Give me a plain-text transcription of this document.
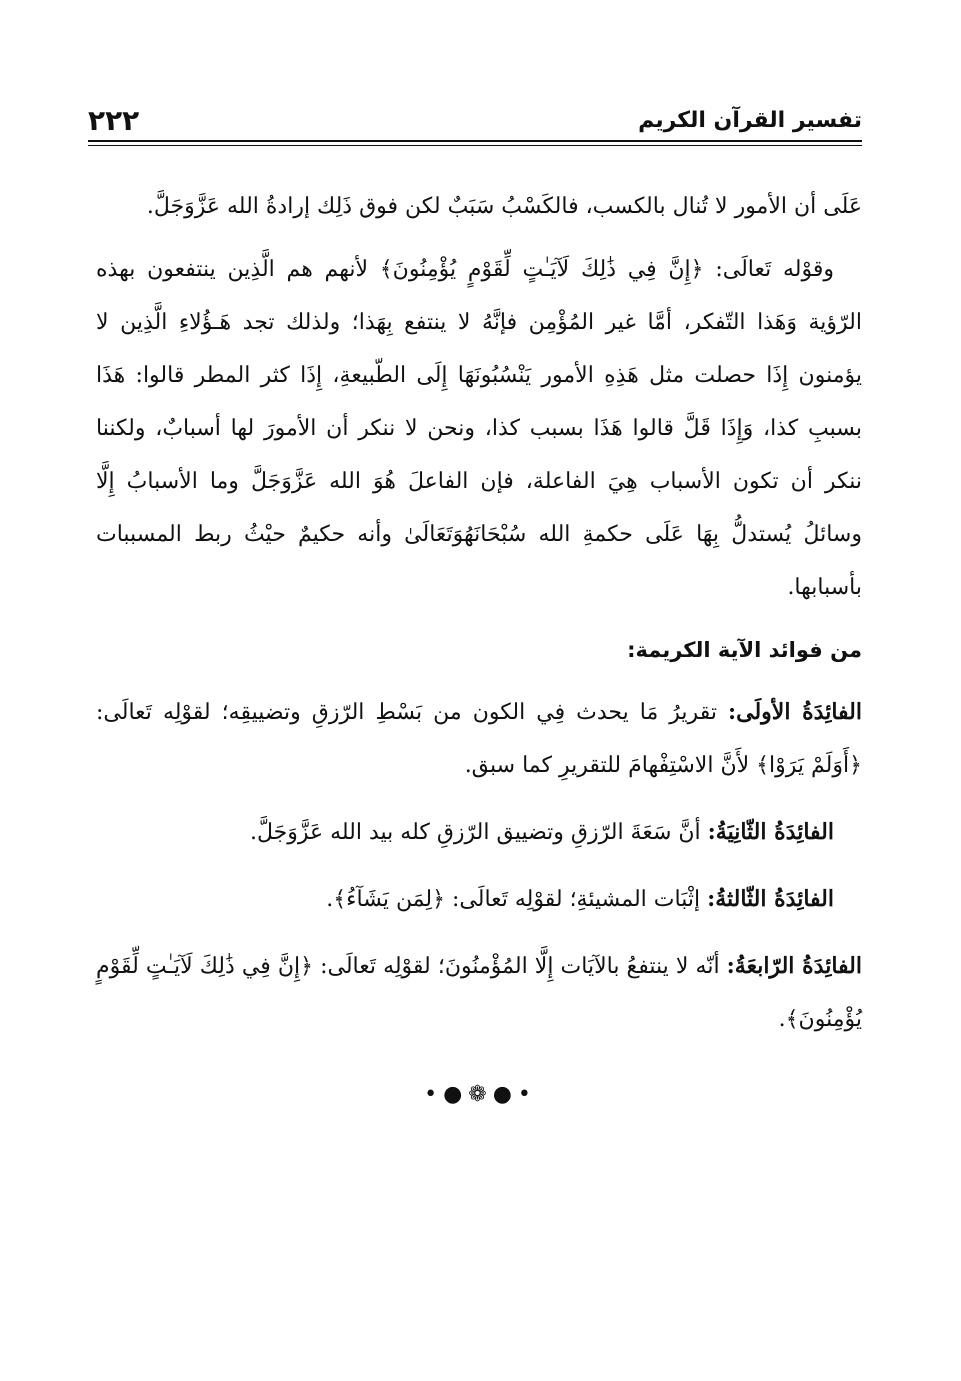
تفسير القرآن الكريم
٢٢٢

عَلَى أن الأمور لا تُنال بالكسب، فالكَسْبُ سَبَبٌ لكن فوق ذَلِك إرادةُ الله عَزَّوَجَلَّ.

وقوْله تَعالَى: ﴿إِنَّ فِي ذَٰلِكَ لَآيَـٰتٍ لِّقَوْمٍ يُؤْمِنُونَ﴾ لأنهم هم الَّذِين ينتفعون بهذه الرّؤية وَهَذا التّفكر، أمَّا غير المُؤْمِن فإنَّهُ لا ينتفع بِهَذا؛ ولذلك تجد هَـؤُلاءِ الَّذِين لا يؤمنون إِذَا حصلت مثل هَذِهِ الأمور يَنْسُبُونَهَا إِلَى الطّبيعةِ، إِذَا كثر المطر قالوا: هَذَا بسببِ كذا، وَإِذَا قَلَّ قالوا هَذَا بسبب كذا، ونحن لا ننكر أن الأمورَ لها أسبابٌ، ولكننا ننكر أن تكون الأسباب هِيَ الفاعلة، فإن الفاعلَ هُوَ الله عَزَّوَجَلَّ وما الأسبابُ إِلَّا وسائلُ يُستدلُّ بِهَا عَلَى حكمةِ الله سُبْحَانَهُوَتَعَالَىٰ وأنه حكيمٌ حيْثُ ربط المسببات بأسبابها.

من فوائد الآية الكريمة:

الفائِدَةُ الأولَى: تقريرُ مَا يحدث فِي الكون من بَسْطِ الرّزقِ وتضييقِه؛ لقوْلِه تَعالَى: ﴿أَوَلَمْ يَرَوْا﴾ لأَنَّ الاسْتِفْهامَ للتقريرِ كما سبق.

الفائِدَةُ الثّانِيَةُ: أنَّ سَعَةَ الرّزقِ وتضييق الرّزقِ كله بيد الله عَزَّوَجَلَّ.

الفائِدَةُ الثّالثةُ: إثْبَات المشيئةِ؛ لقوْلِه تَعالَى: ﴿لِمَن يَشَآءُ﴾.

الفائِدَةُ الرّابعَةُ: أنّه لا ينتفعُ بالآيَات إِلَّا المُؤْمنُونَ؛ لقوْلِه تَعالَى: ﴿إِنَّ فِي ذَٰلِكَ لَآيَـٰتٍ لِّقَوْمٍ يُؤْمِنُونَ﴾.

•●❁●•
